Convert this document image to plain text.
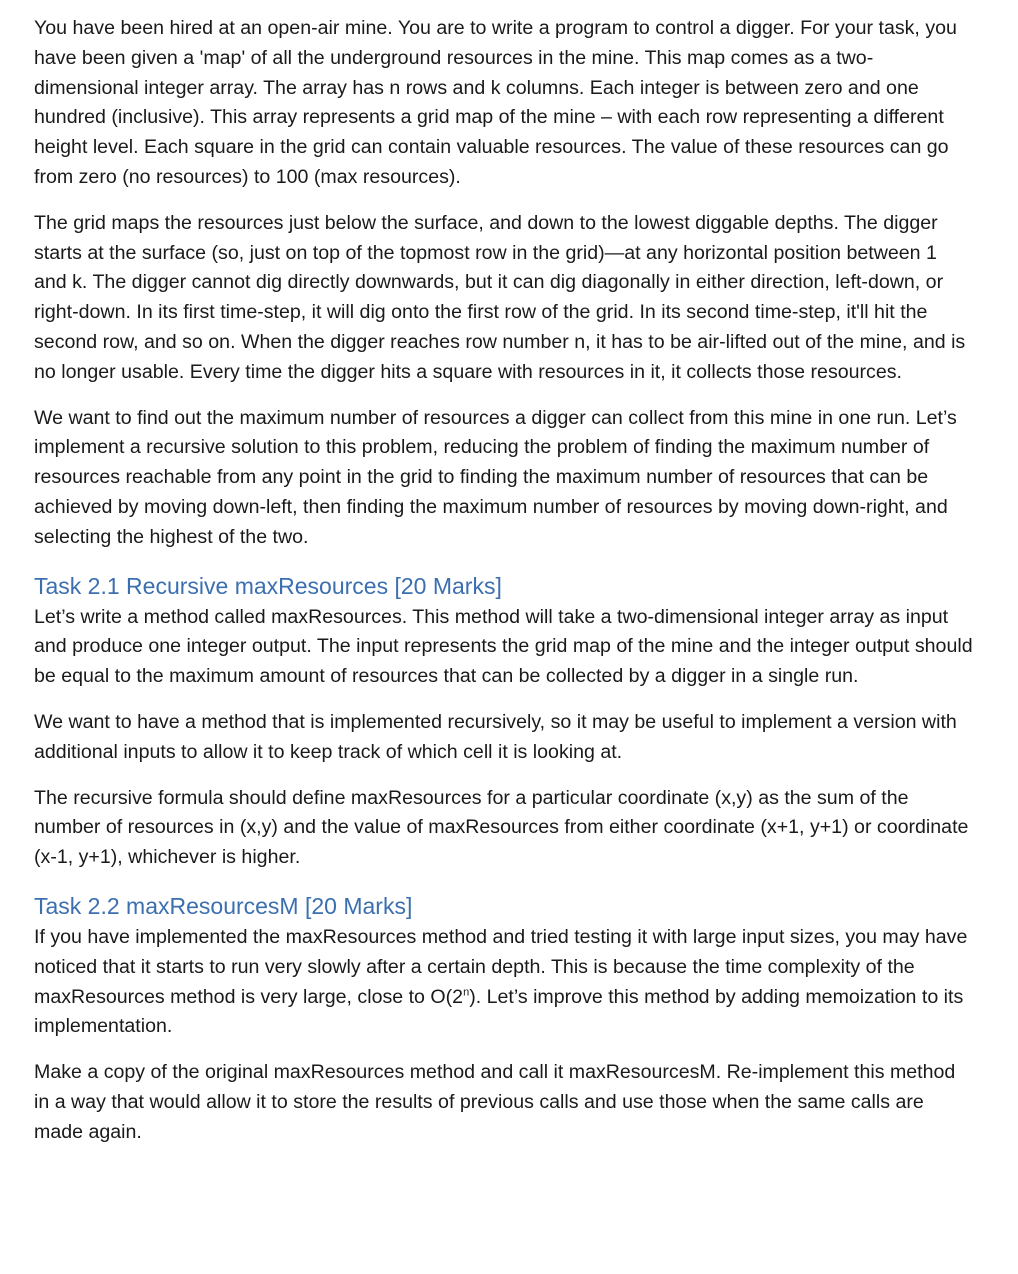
You have been hired at an open-air mine. You are to write a program to control a digger. For your task, you have been given a 'map' of all the underground resources in the mine. This map comes as a two-dimensional integer array. The array has n rows and k columns. Each integer is between zero and one hundred (inclusive). This array represents a grid map of the mine – with each row representing a different height level. Each square in the grid can contain valuable resources. The value of these resources can go from zero (no resources) to 100 (max resources).

The grid maps the resources just below the surface, and down to the lowest diggable depths. The digger starts at the surface (so, just on top of the topmost row in the grid)—at any horizontal position between 1 and k. The digger cannot dig directly downwards, but it can dig diagonally in either direction, left-down, or right-down. In its first time-step, it will dig onto the first row of the grid. In its second time-step, it'll hit the second row, and so on. When the digger reaches row number n, it has to be air-lifted out of the mine, and is no longer usable. Every time the digger hits a square with resources in it, it collects those resources.

We want to find out the maximum number of resources a digger can collect from this mine in one run. Let’s implement a recursive solution to this problem, reducing the problem of finding the maximum number of resources reachable from any point in the grid to finding the maximum number of resources that can be achieved by moving down-left, then finding the maximum number of resources by moving down-right, and selecting the highest of the two.

Task 2.1 Recursive maxResources [20 Marks]

Let’s write a method called maxResources. This method will take a two-dimensional integer array as input and produce one integer output. The input represents the grid map of the mine and the integer output should be equal to the maximum amount of resources that can be collected by a digger in a single run.

We want to have a method that is implemented recursively, so it may be useful to implement a version with additional inputs to allow it to keep track of which cell it is looking at.

The recursive formula should define maxResources for a particular coordinate (x,y) as the sum of the number of resources in (x,y) and the value of maxResources from either coordinate (x+1, y+1) or coordinate (x-1, y+1), whichever is higher.

Task 2.2 maxResourcesM [20 Marks]

If you have implemented the maxResources method and tried testing it with large input sizes, you may have noticed that it starts to run very slowly after a certain depth. This is because the time complexity of the maxResources method is very large, close to O(2$^n$). Let’s improve this method by adding memoization to its implementation.

Make a copy of the original maxResources method and call it maxResourcesM. Re-implement this method in a way that would allow it to store the results of previous calls and use those when the same calls are made again.
